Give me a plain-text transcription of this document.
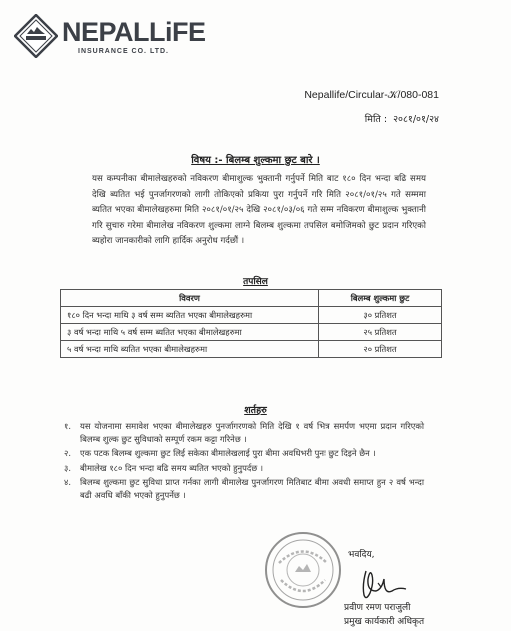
NEPALLiFE
INSURANCE CO. LTD.
Nepallife/Circular-𝒦/080-081
मिति : २०८१/०१/२४
विषय :- बिलम्ब शुल्कमा छुट बारे ।
यस कम्पनीका बीमालेखहरुको नविकरण बीमाशुल्क भुक्तानी गर्नुपर्ने मिति बाट १८० दिन भन्दा बढि समय देखि ब्यतित भई पुनर्जागरणको लागी तोकिएको प्रकिया पुरा गर्नुपर्ने गरि मिति २०८१/०१/२५ गते सम्ममा ब्यतित भएका बीमालेखहरुमा मिति २०८१/०१/२५ देखि २०८१/०३/०६ गते सम्म नविकरण बीमाशुल्क भुक्तानी गरि सुचारु गरेमा बीमालेख नविकरण शुल्कमा लाग्ने बिलम्ब शुल्कमा तपसिल बमोजिमको छुट प्रदान गरिएको ब्यहोरा जानकारीको लागि हार्दिक अनुरोध गर्दछौं ।
तपसिल
विवरण	बिलम्ब शुल्कमा छुट
१८० दिन भन्दा माथि ३ वर्ष सम्म ब्यतित भएका बीमालेखहरुमा	३० प्रतिशत
३ वर्ष भन्दा माथि ५ वर्ष सम्म ब्यतित भएका बीमालेखहरुमा	२५ प्रतिशत
५ वर्ष भन्दा माथि ब्यतित भएका बीमालेखहरुमा	२० प्रतिशत
शर्तहरु
१. यस योजनामा समावेश भएका बीमालेखहरु पुनर्जागरणको मिति देखि १ वर्ष भित्र समर्पण भएमा प्रदान गरिएको बिलम्ब शुल्क छुट सुविधाको सम्पूर्ण रकम कट्टा गरिनेछ ।
२. एक पटक बिलम्ब शुल्कमा छुट लिई सकेका बीमालेखलाई पुरा बीमा अवधिभरी पुनः छुट दिइने छैन ।
३. बीमालेख १८० दिन भन्दा बढि समय ब्यतित भएको हुनुपर्दछ ।
४. बिलम्ब शुल्कमा छुट सुविधा प्राप्त गर्नका लागी बीमालेख पुनर्जागरण मितिबाट बीमा अवधी समाप्त हुन २ वर्ष भन्दा बढी अवधि बाँकी भएको हुनुपर्नेछ ।
भवदिय,
प्रवीण रमण पराजुली
प्रमुख कार्यकारी अधिकृत
